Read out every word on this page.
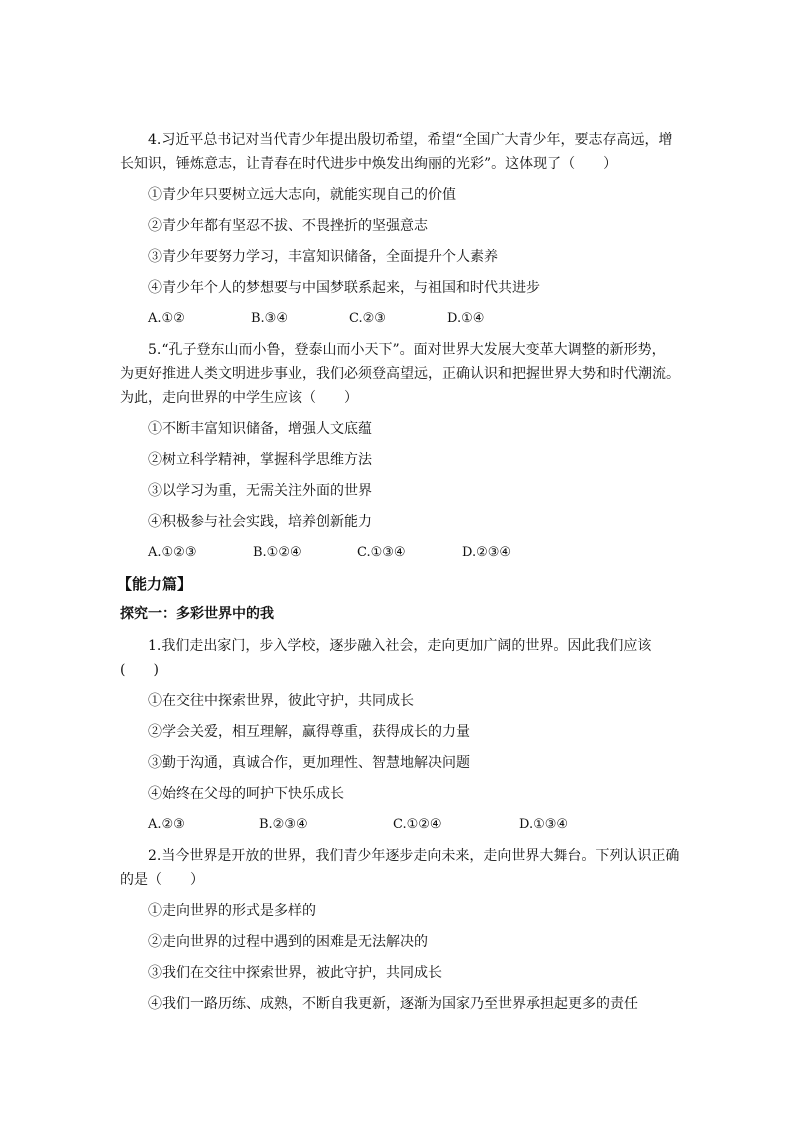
4.习近平总书记对当代青少年提出殷切希望，希望“全国广大青少年，要志存高远，增

长知识，锤炼意志，让青春在时代进步中焕发出绚丽的光彩”。这体现了（　　）

①青少年只要树立远大志向，就能实现自己的价值

②青少年都有坚忍不拔、不畏挫折的坚强意志

③青少年要努力学习，丰富知识储备，全面提升个人素养

④青少年个人的梦想要与中国梦联系起来，与祖国和时代共进步

A.①②	B.③④	C.②③	D.①④

5.“孔子登东山而小鲁，登泰山而小天下”。面对世界大发展大变革大调整的新形势，

为更好推进人类文明进步事业，我们必须登高望远，正确认识和把握世界大势和时代潮流。

为此，走向世界的中学生应该（　　）

①不断丰富知识储备，增强人文底蕴

②树立科学精神，掌握科学思维方法

③以学习为重，无需关注外面的世界

④积极参与社会实践，培养创新能力

A.①②③	B.①②④	C.①③④	D.②③④

【能力篇】

探究一：多彩世界中的我

1.我们走出家门，步入学校，逐步融入社会，走向更加广阔的世界。因此我们应该

(　　)

①在交往中探索世界，彼此守护，共同成长

②学会关爱，相互理解，赢得尊重，获得成长的力量

③勤于沟通，真诚合作，更加理性、智慧地解决问题

④始终在父母的呵护下快乐成长

A.②③	B.②③④	C.①②④	D.①③④

2.当今世界是开放的世界，我们青少年逐步走向未来，走向世界大舞台。下列认识正确

的是（　　）

①走向世界的形式是多样的

②走向世界的过程中遇到的困难是无法解决的

③我们在交往中探索世界，被此守护，共同成长

④我们一路历练、成熟，不断自我更新，逐渐为国家乃至世界承担起更多的责任
